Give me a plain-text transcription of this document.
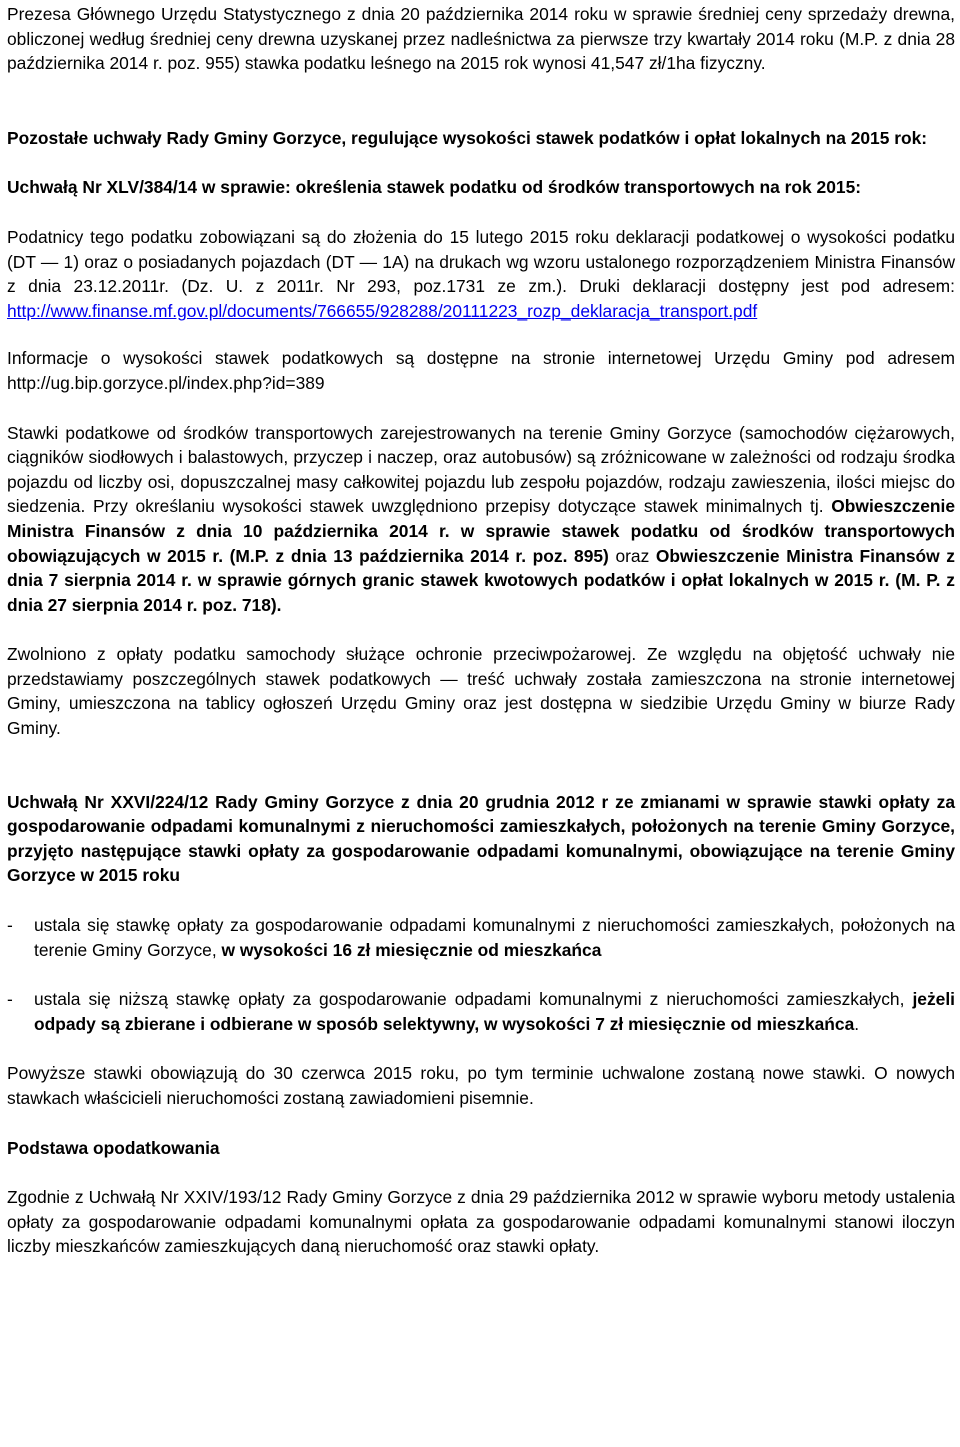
Prezesa Głównego Urzędu Statystycznego z dnia 20 października 2014 roku w sprawie średniej ceny sprzedaży drewna, obliczonej według średniej ceny drewna uzyskanej przez nadleśnictwa za pierwsze trzy kwartały 2014 roku (M.P. z dnia 28 października 2014 r. poz. 955) stawka podatku leśnego na 2015 rok wynosi 41,547 zł/1ha fizyczny.

Pozostałe uchwały Rady Gminy Gorzyce, regulujące wysokości stawek podatków i opłat lokalnych na 2015 rok:

Uchwałą Nr XLV/384/14 w sprawie: określenia stawek podatku od środków transportowych na rok 2015:

Podatnicy tego podatku zobowiązani są do złożenia do 15 lutego 2015 roku deklaracji podatkowej o wysokości podatku (DT — 1) oraz o posiadanych pojazdach (DT — 1A) na drukach wg wzoru ustalonego rozporządzeniem Ministra Finansów z dnia 23.12.2011r. (Dz. U. z 2011r. Nr 293, poz.1731 ze zm.). Druki deklaracji dostępny jest pod adresem: http://www.finanse.mf.gov.pl/documents/766655/928288/20111223_rozp_deklaracja_transport.pdf

Informacje o wysokości stawek podatkowych są dostępne na stronie internetowej Urzędu Gminy pod adresem http://ug.bip.gorzyce.pl/index.php?id=389

Stawki podatkowe od środków transportowych zarejestrowanych na terenie Gminy Gorzyce (samochodów ciężarowych, ciągników siodłowych i balastowych, przyczep i naczep, oraz autobusów) są zróżnicowane w zależności od rodzaju środka pojazdu od liczby osi, dopuszczalnej masy całkowitej pojazdu lub zespołu pojazdów, rodzaju zawieszenia, ilości miejsc do siedzenia. Przy określaniu wysokości stawek uwzględniono przepisy dotyczące stawek minimalnych tj. Obwieszczenie Ministra Finansów z dnia 10 października 2014 r. w sprawie stawek podatku od środków transportowych obowiązujących w 2015 r. (M.P. z dnia 13 października 2014 r. poz. 895) oraz Obwieszczenie Ministra Finansów z dnia 7 sierpnia 2014 r. w sprawie górnych granic stawek kwotowych podatków i opłat lokalnych w 2015 r. (M. P. z dnia 27 sierpnia 2014 r. poz. 718).

Zwolniono z opłaty podatku samochody służące ochronie przeciwpożarowej. Ze względu na objętość uchwały nie przedstawiamy poszczególnych stawek podatkowych — treść uchwały została zamieszczona na stronie internetowej Gminy, umieszczona na tablicy ogłoszeń Urzędu Gminy oraz jest dostępna w siedzibie Urzędu Gminy w biurze Rady Gminy.

Uchwałą Nr XXVI/224/12 Rady Gminy Gorzyce z dnia 20 grudnia 2012 r ze zmianami w sprawie stawki opłaty za gospodarowanie odpadami komunalnymi z nieruchomości zamieszkałych, położonych na terenie Gminy Gorzyce, przyjęto następujące stawki opłaty za gospodarowanie odpadami komunalnymi, obowiązujące na terenie Gminy Gorzyce w 2015 roku

- ustala się stawkę opłaty za gospodarowanie odpadami komunalnymi z nieruchomości zamieszkałych, położonych na terenie Gminy Gorzyce, w wysokości 16 zł miesięcznie od mieszkańca
- ustala się niższą stawkę opłaty za gospodarowanie odpadami komunalnymi z nieruchomości zamieszkałych, jeżeli odpady są zbierane i odbierane w sposób selektywny, w wysokości 7 zł miesięcznie od mieszkańca.

Powyższe stawki obowiązują do 30 czerwca 2015 roku, po tym terminie uchwalone zostaną nowe stawki. O nowych stawkach właścicieli nieruchomości zostaną zawiadomieni pisemnie.

Podstawa opodatkowania

Zgodnie z Uchwałą Nr XXIV/193/12 Rady Gminy Gorzyce z dnia 29 października 2012 w sprawie wyboru metody ustalenia opłaty za gospodarowanie odpadami komunalnymi opłata za gospodarowanie odpadami komunalnymi stanowi iloczyn liczby mieszkańców zamieszkujących daną nieruchomość oraz stawki opłaty.
